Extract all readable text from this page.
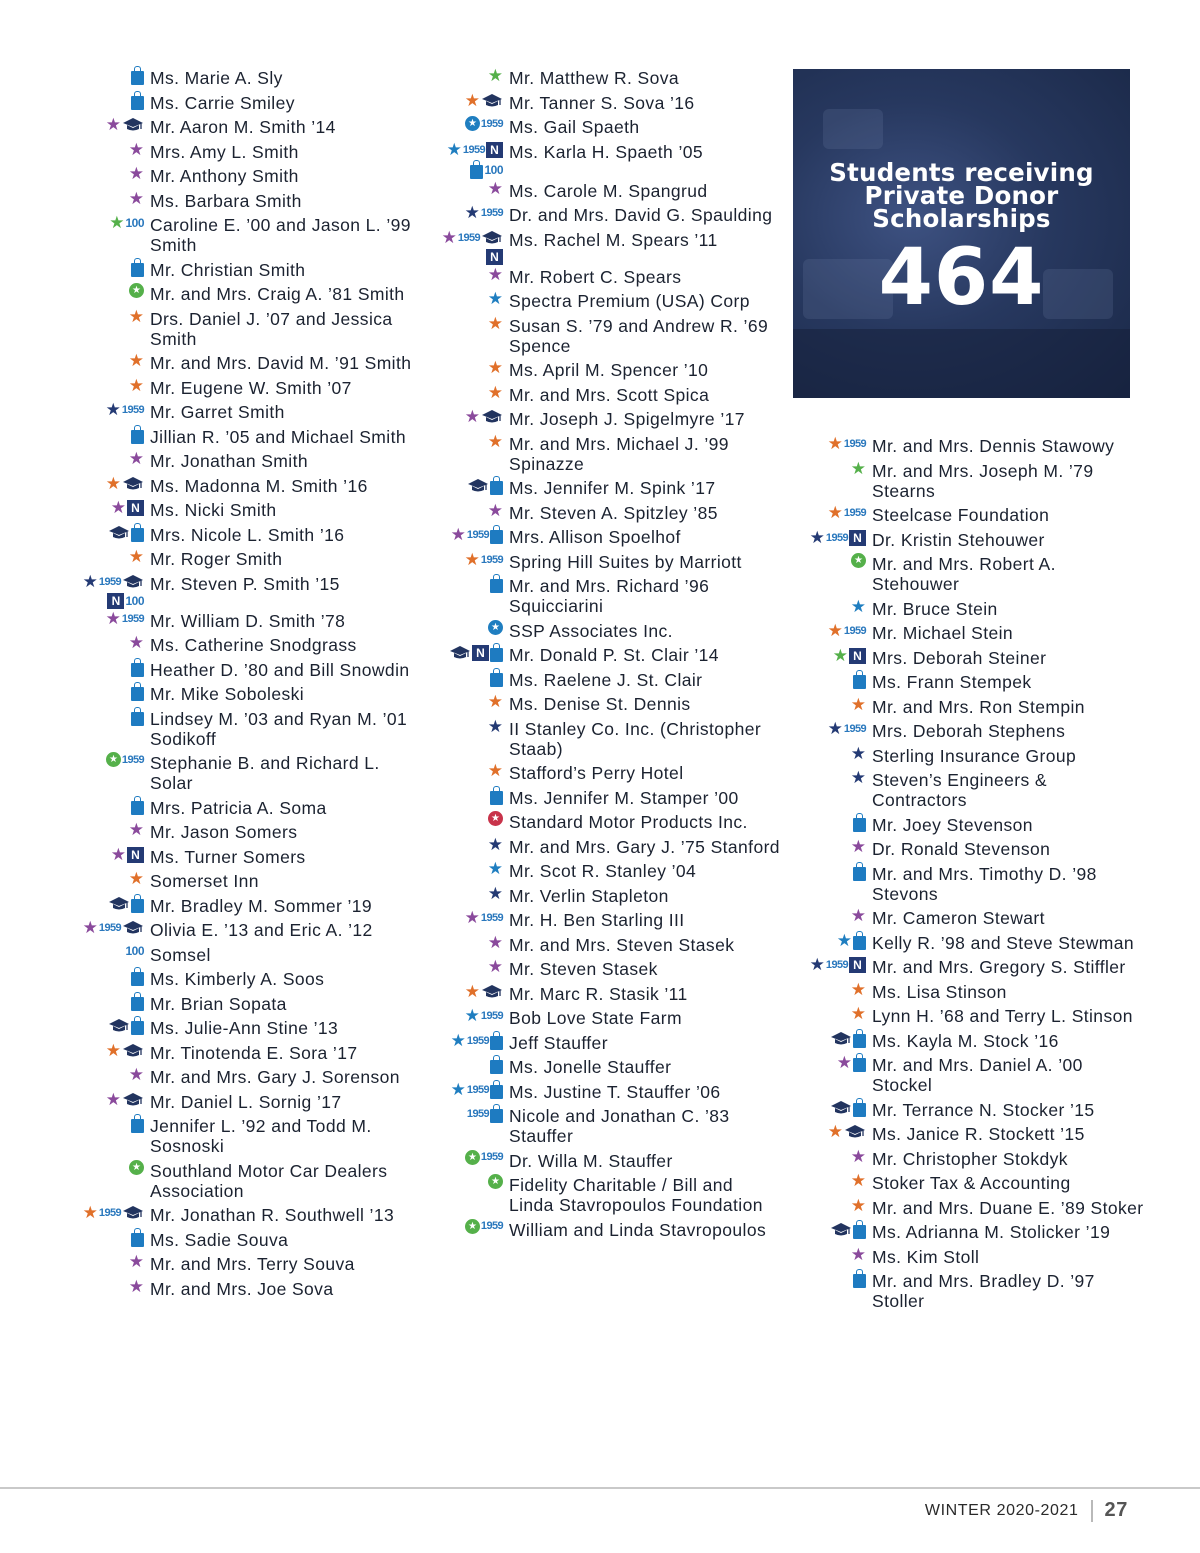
Ms. Marie A. Sly
Ms. Carrie Smiley
★ Mr. Aaron M. Smith ’14
★ Mrs. Amy L. Smith
★ Mr. Anthony Smith
★ Ms. Barbara Smith
★ 100 Caroline E. ’00 and Jason L. ’99 Smith
Mr. Christian Smith
★ Mr. and Mrs. Craig A. ’81 Smith
★ Drs. Daniel J. ’07 and Jessica Smith
★ Mr. and Mrs. David M. ’91 Smith
★ Mr. Eugene W. Smith ’07
★ 1959 Mr. Garret Smith
Jillian R. ’05 and Michael Smith
★ Mr. Jonathan Smith
★ Ms. Madonna M. Smith ’16
★ N Ms. Nicki Smith
Mrs. Nicole L. Smith ’16
★ Mr. Roger Smith
★ 1959
N 100
Mr. Steven P. Smith ’15
★ 1959 Mr. William D. Smith ’78
★ Ms. Catherine Snodgrass
Heather D. ’80 and Bill Snowdin
Mr. Mike Soboleski
Lindsey M. ’03 and Ryan M. ’01 Sodikoff
★ 1959 Stephanie B. and Richard L. Solar
Mrs. Patricia A. Soma
★ Mr. Jason Somers
★ N Ms. Turner Somers
★ Somerset Inn
Mr. Bradley M. Sommer ’19
★ 1959 Olivia E. ’13 and Eric A. ’12
100 Somsel
Ms. Kimberly A. Soos
Mr. Brian Sopata
Ms. Julie-Ann Stine ’13
★ Mr. Tinotenda E. Sora ’17
★ Mr. and Mrs. Gary J. Sorenson
★ Mr. Daniel L. Sornig ’17
Jennifer L. ’92 and Todd M. Sosnoski
★ Southland Motor Car Dealers Association
★ 1959 Mr. Jonathan R. Southwell ’13
Ms. Sadie Souva
★ Mr. and Mrs. Terry Souva
★ Mr. and Mrs. Joe Sova
★ Mr. Matthew R. Sova
★ Mr. Tanner S. Sova ’16
★ 1959 Ms. Gail Spaeth
★ 1959 N
100
Ms. Karla H. Spaeth ’05
★ Ms. Carole M. Spangrud
★ 1959 Dr. and Mrs. David G. Spaulding
★ 1959
N
Ms. Rachel M. Spears ’11
★ Mr. Robert C. Spears
★ Spectra Premium (USA) Corp
★ Susan S. ’79 and Andrew R. ’69 Spence
★ Ms. April M. Spencer ’10
★ Mr. and Mrs. Scott Spica
★ Mr. Joseph J. Spigelmyre ’17
★ Mr. and Mrs. Michael J. ’99 Spinazze
Ms. Jennifer M. Spink ’17
★ Mr. Steven A. Spitzley ’85
★ 1959 Mrs. Allison Spoelhof
★ 1959 Spring Hill Suites by Marriott
Mr. and Mrs. Richard ’96 Squicciarini
★ SSP Associates Inc.
N Mr. Donald P. St. Clair ’14
Ms. Raelene J. St. Clair
★ Ms. Denise St. Dennis
★ II Stanley Co. Inc. (Christopher Staab)
★ Stafford’s Perry Hotel
Ms. Jennifer M. Stamper ’00
★ Standard Motor Products Inc.
★ Mr. and Mrs. Gary J. ’75 Stanford
★ Mr. Scot R. Stanley ’04
★ Mr. Verlin Stapleton
★ 1959 Mr. H. Ben Starling III
★ Mr. and Mrs. Steven Stasek
★ Mr. Steven Stasek
★ Mr. Marc R. Stasik ’11
★ 1959 Bob Love State Farm
★ 1959 Jeff Stauffer
Ms. Jonelle Stauffer
★ 1959 Ms. Justine T. Stauffer ’06
1959 Nicole and Jonathan C. ’83 Stauffer
★ 1959 Dr. Willa M. Stauffer
★ Fidelity Charitable / Bill and Linda Stavropoulos Foundation
★ 1959 William and Linda Stavropoulos
★ 1959 Mr. and Mrs. Dennis Stawowy
★ Mr. and Mrs. Joseph M. ’79 Stearns
★ 1959 Steelcase Foundation
★ 1959 N Dr. Kristin Stehouwer
★ Mr. and Mrs. Robert A. Stehouwer
★ Mr. Bruce Stein
★ 1959 Mr. Michael Stein
★ N Mrs. Deborah Steiner
Ms. Frann Stempek
★ Mr. and Mrs. Ron Stempin
★ 1959 Mrs. Deborah Stephens
★ Sterling Insurance Group
★ Steven’s Engineers & Contractors
Mr. Joey Stevenson
★ Dr. Ronald Stevenson
Mr. and Mrs. Timothy D. ’98 Stevons
★ Mr. Cameron Stewart
★ Kelly R. ’98 and Steve Stewman
★ 1959 N Mr. and Mrs. Gregory S. Stiffler
★ Ms. Lisa Stinson
★ Lynn H. ’68 and Terry L. Stinson
Ms. Kayla M. Stock ’16
★ Mr. and Mrs. Daniel A. ’00 Stockel
Mr. Terrance N. Stocker ’15
★ Ms. Janice R. Stockett ’15
★ Mr. Christopher Stokdyk
★ Stoker Tax & Accounting
★ Mr. and Mrs. Duane E. ’89 Stoker
Ms. Adrianna M. Stolicker ’19
★ Ms. Kim Stoll
Mr. and Mrs. Bradley D. ’97 Stoller
Students receiving Private Donor Scholarships
464
WINTER 2020-2021 27
